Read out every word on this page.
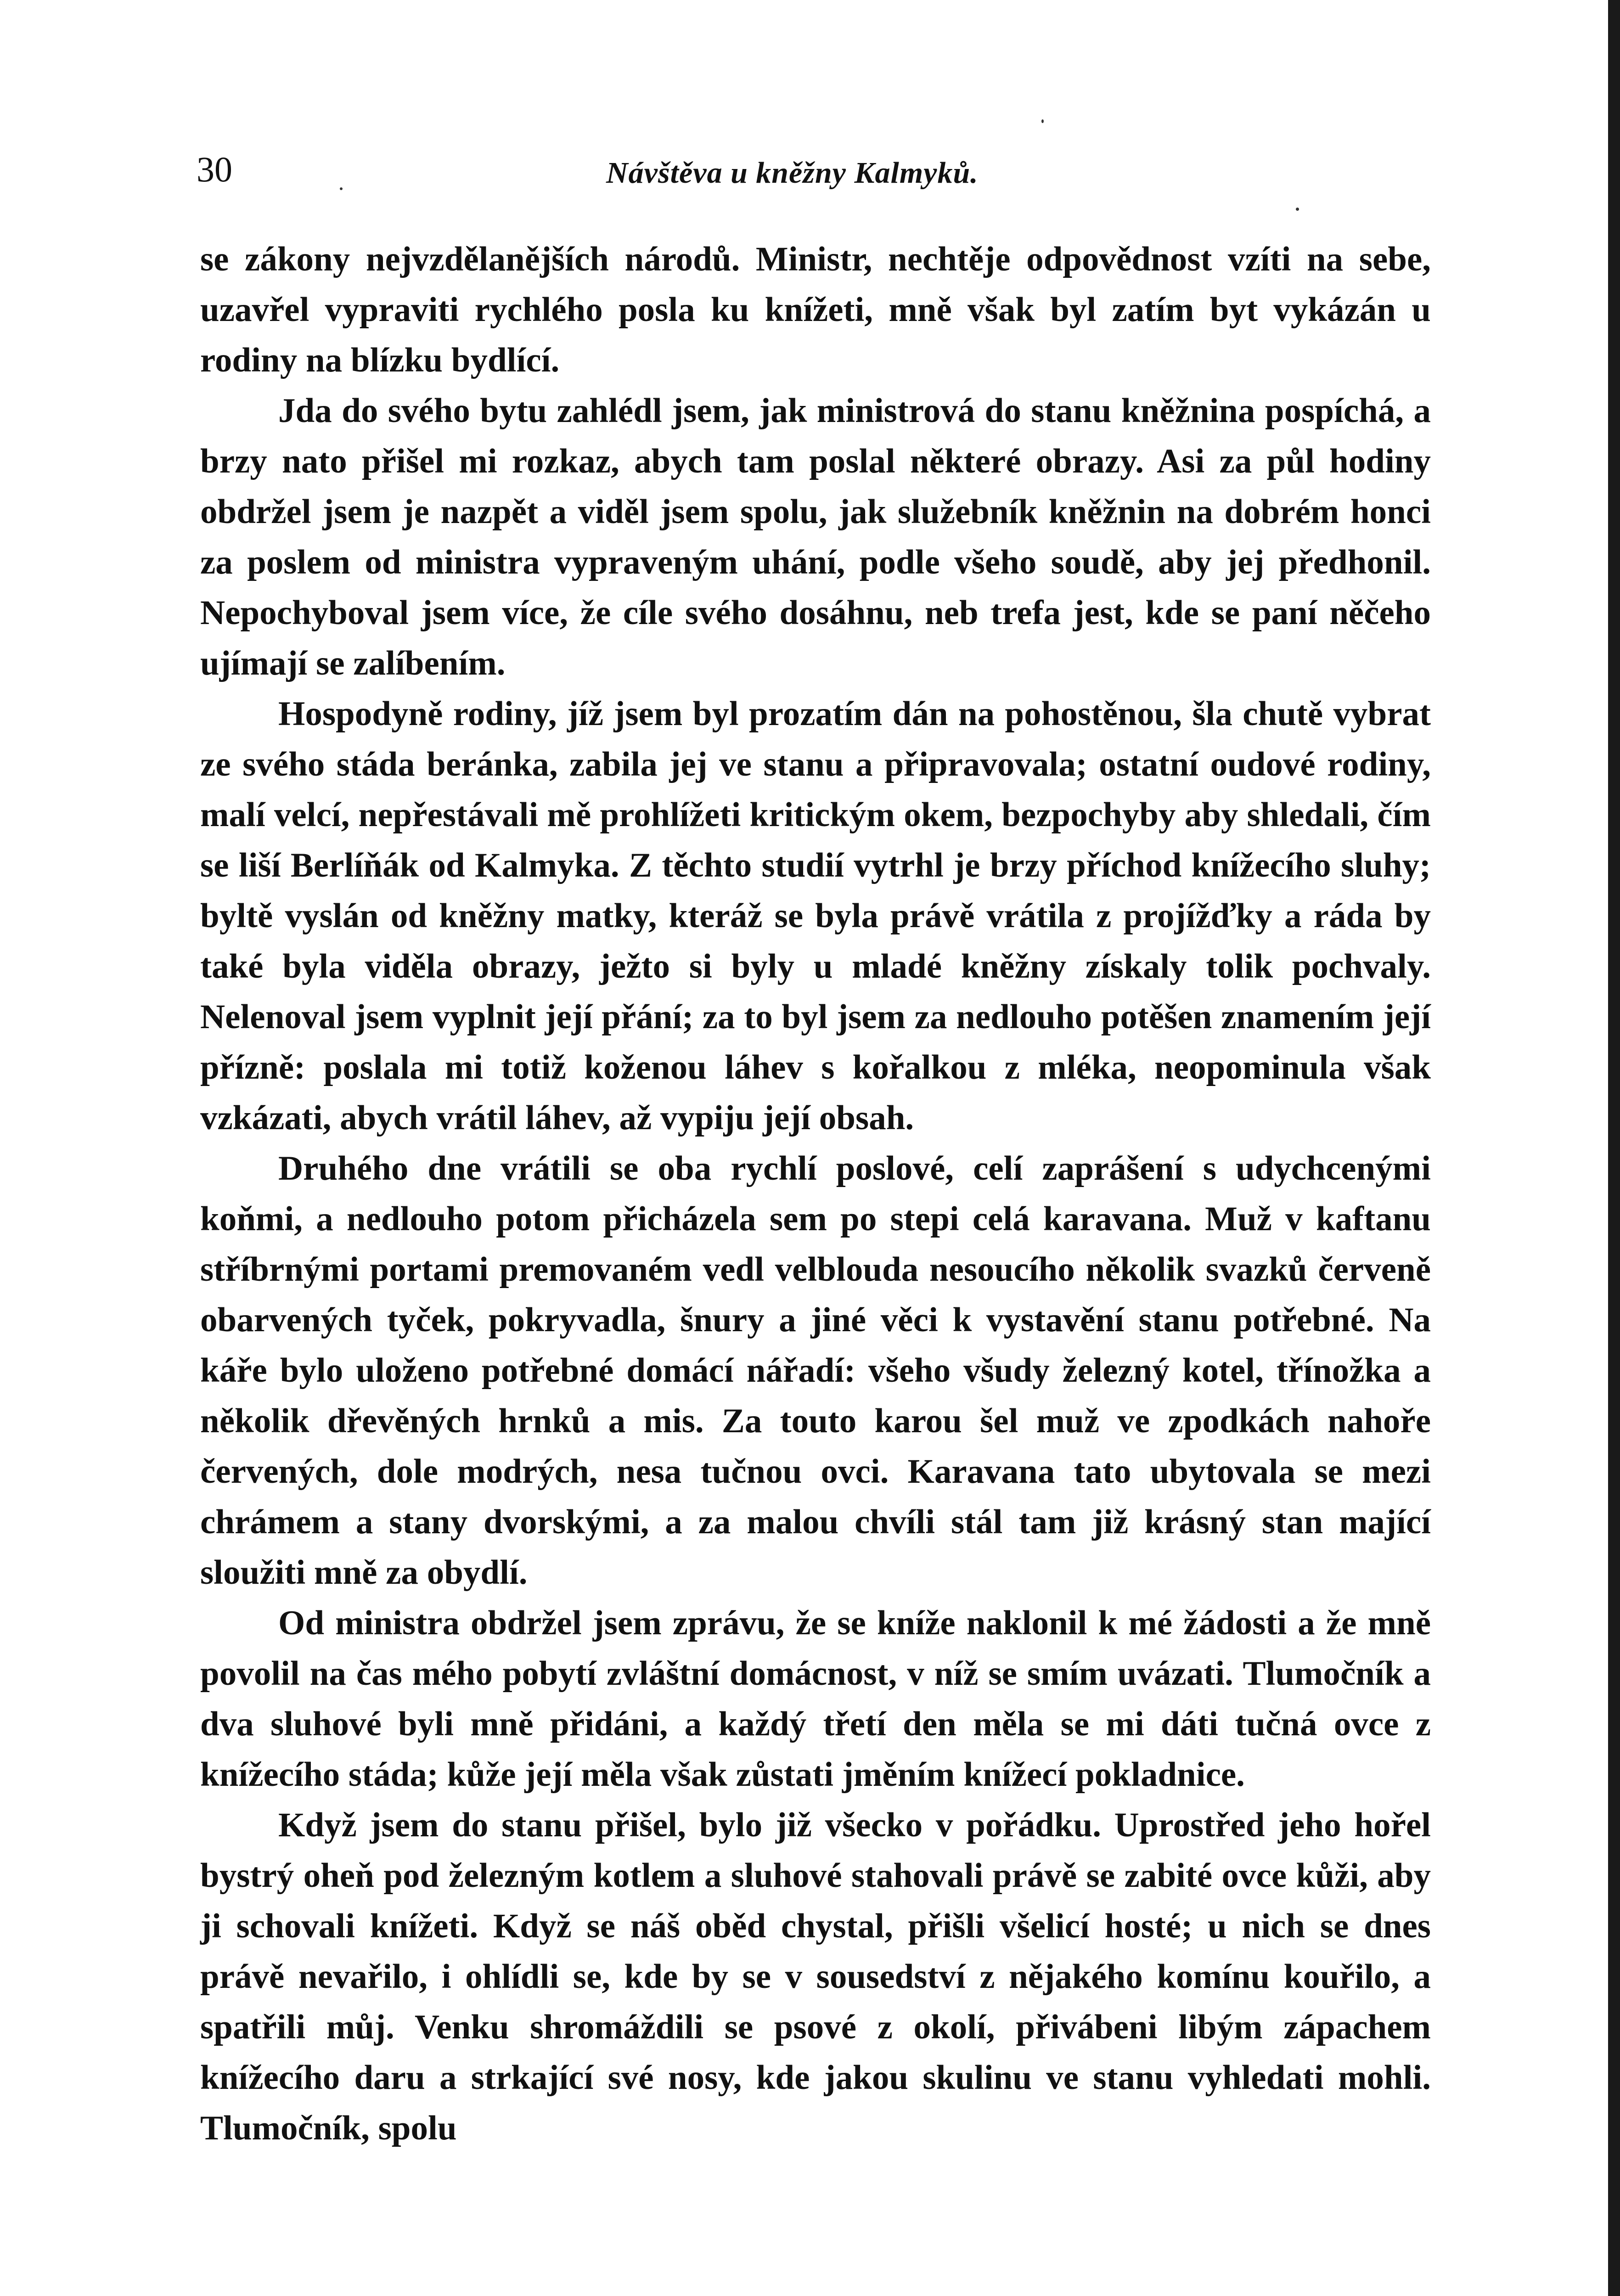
30	Návštěva u kněžny Kalmyků.

se zákony nejvzdělanějších národů. Ministr, nechtěje odpovědnost vzíti na sebe, uzavřel vypraviti rychlého posla ku knížeti, mně však byl zatím byt vykázán u rodiny na blízku bydlící.

Jda do svého bytu zahlédl jsem, jak ministrová do stanu kněžnina pospíchá, a brzy nato přišel mi rozkaz, abych tam poslal některé obrazy. Asi za půl hodiny obdržel jsem je nazpět a viděl jsem spolu, jak služebník kněžnin na dobrém honci za poslem od ministra vypraveným uhání, podle všeho soudě, aby jej předhonil. Nepochyboval jsem více, že cíle svého dosáhnu, neb trefa jest, kde se paní něčeho ujímají se zalíbením.

Hospodyně rodiny, jíž jsem byl prozatím dán na pohostěnou, šla chutě vybrat ze svého stáda beránka, zabila jej ve stanu a připravovala; ostatní oudové rodiny, malí velcí, nepřestávali mě prohlížeti kritickým okem, bezpochyby aby shledali, čím se liší Berlíňák od Kalmyka. Z těchto studií vytrhl je brzy příchod knížecího sluhy; byltě vyslán od kněžny matky, kteráž se byla právě vrátila z projížďky a ráda by také byla viděla obrazy, ježto si byly u mladé kněžny získaly tolik pochvaly. Nelenoval jsem vyplnit její přání; za to byl jsem za nedlouho potěšen znamením její přízně: poslala mi totiž koženou láhev s kořalkou z mléka, neopominula však vzkázati, abych vrátil láhev, až vypiju její obsah.

Druhého dne vrátili se oba rychlí poslové, celí zaprášení s udychcenými koňmi, a nedlouho potom přicházela sem po stepi celá karavana. Muž v kaftanu stříbrnými portami premovaném vedl velblouda nesoucího několik svazků červeně obarvených tyček, pokryvadla, šnury a jiné věci k vystavění stanu potřebné. Na káře bylo uloženo potřebné domácí nářadí: všeho všudy železný kotel, třínožka a několik dřevěných hrnků a mis. Za touto karou šel muž ve zpodkách nahoře červených, dole modrých, nesa tučnou ovci. Karavana tato ubytovala se mezi chrámem a stany dvorskými, a za malou chvíli stál tam již krásný stan mající sloužiti mně za obydlí.

Od ministra obdržel jsem zprávu, že se kníže naklonil k mé žádosti a že mně povolil na čas mého pobytí zvláštní domácnost, v níž se smím uvázati. Tlumočník a dva sluhové byli mně přidáni, a každý třetí den měla se mi dáti tučná ovce z knížecího stáda; kůže její měla však zůstati jměním knížecí pokladnice.

Když jsem do stanu přišel, bylo již všecko v pořádku. Uprostřed jeho hořel bystrý oheň pod železným kotlem a sluhové stahovali právě se zabité ovce kůži, aby ji schovali knížeti. Když se náš oběd chystal, přišli všelicí hosté; u nich se dnes právě nevařilo, i ohlídli se, kde by se v sousedství z nějakého komínu kouřilo, a spatřili můj. Venku shromáždili se psové z okolí, přivábeni libým zápachem knížecího daru a strkající své nosy, kde jakou skulinu ve stanu vyhledati mohli. Tlumočník, spolu
